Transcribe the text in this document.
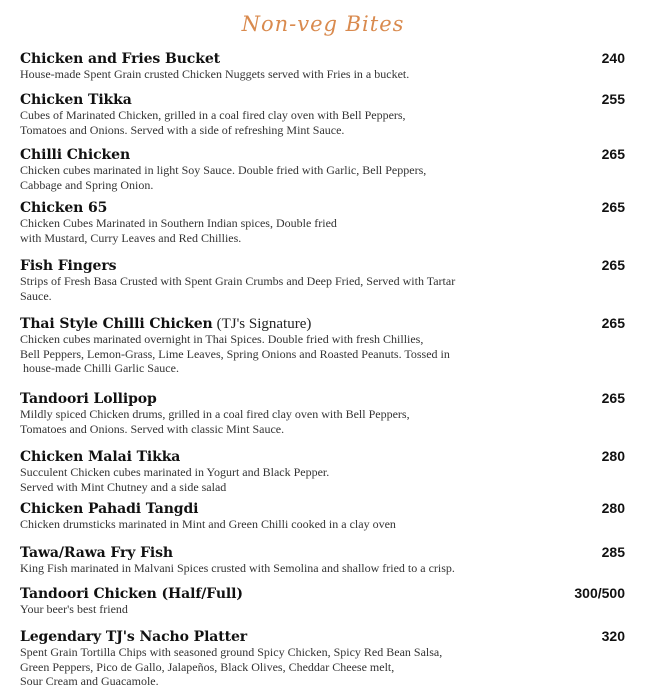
Non-veg Bites
Chicken and Fries Bucket	240
House-made Spent Grain crusted Chicken Nuggets served with Fries in a bucket.
Chicken Tikka	255
Cubes of Marinated Chicken, grilled in a coal fired clay oven with Bell Peppers,
Tomatoes and Onions. Served with a side of refreshing Mint Sauce.
Chilli Chicken	265
Chicken cubes marinated in light Soy Sauce. Double fried with Garlic, Bell Peppers,
Cabbage and Spring Onion.
Chicken 65	265
Chicken Cubes Marinated in Southern Indian spices, Double fried
with Mustard, Curry Leaves and Red Chillies.
Fish Fingers	265
Strips of Fresh Basa Crusted with Spent Grain Crumbs and Deep Fried, Served with Tartar
Sauce.
Thai Style Chilli Chicken (TJ's Signature)	265
Chicken cubes marinated overnight in Thai Spices. Double fried with fresh Chillies,
Bell Peppers, Lemon-Grass, Lime Leaves, Spring Onions and Roasted Peanuts. Tossed in
house-made Chilli Garlic Sauce.
Tandoori Lollipop	265
Mildly spiced Chicken drums, grilled in a coal fired clay oven with Bell Peppers,
Tomatoes and Onions. Served with classic Mint Sauce.
Chicken Malai Tikka	280
Succulent Chicken cubes marinated in Yogurt and Black Pepper.
Served with Mint Chutney and a side salad
Chicken Pahadi Tangdi	280
Chicken drumsticks marinated in Mint and Green Chilli cooked in a clay oven
Tawa/Rawa Fry Fish	285
King Fish marinated in Malvani Spices crusted with Semolina and shallow fried to a crisp.
Tandoori Chicken (Half/Full)	300/500
Your beer's best friend
Legendary TJ's Nacho Platter	320
Spent Grain Tortilla Chips with seasoned ground Spicy Chicken, Spicy Red Bean Salsa,
Green Peppers, Pico de Gallo, Jalapeños, Black Olives, Cheddar Cheese melt,
Sour Cream and Guacamole.
